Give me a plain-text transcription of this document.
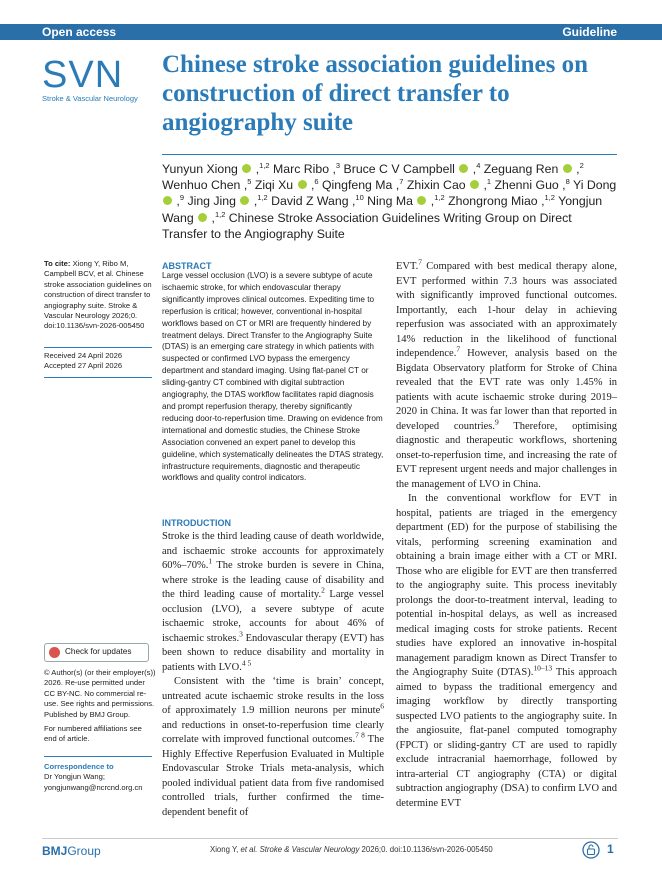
Open access	Guideline
SVN
Stroke & Vascular Neurology
Chinese stroke association guidelines on construction of direct transfer to angiography suite
Yunyun Xiong  ,$^{1,2}$ Marc Ribo ,$^3$ Bruce C V Campbell  ,$^4$ Zeguang Ren  ,$^2$ Wenhuo Chen ,$^5$ Ziqi Xu  ,$^6$ Qingfeng Ma ,$^7$ Zhixin Cao  ,$^1$ Zhenni Guo ,$^8$ Yi Dong  ,$^9$ Jing Jing  ,$^{1,2}$ David Z Wang ,$^{10}$ Ning Ma  ,$^{1,2}$ Zhongrong Miao ,$^{1,2}$ Yongjun Wang  ,$^{1,2}$ Chinese Stroke Association Guidelines Writing Group on Direct Transfer to the Angiography Suite
To cite: Xiong Y, Ribo M, Campbell BCV, et al. Chinese stroke association guidelines on construction of direct transfer to angiography suite. Stroke & Vascular Neurology 2026;0. doi:10.1136/svn-2026-005450
Received 24 April 2026
Accepted 27 April 2026
Check for updates
© Author(s) (or their employer(s)) 2026. Re-use permitted under CC BY-NC. No commercial re-use. See rights and permissions. Published by BMJ Group.
For numbered affiliations see end of article.
Correspondence to
Dr Yongjun Wang;
yongjunwang@ncrcnd.org.cn
ABSTRACT
Large vessel occlusion (LVO) is a severe subtype of acute ischaemic stroke, for which endovascular therapy significantly improves clinical outcomes. Expediting time to reperfusion is critical; however, conventional in-hospital workflows based on CT or MRI are frequently hindered by treatment delays. Direct Transfer to the Angiography Suite (DTAS) is an emerging care strategy in which patients with suspected or confirmed LVO bypass the emergency department and standard imaging. Using flat-panel CT or sliding-gantry CT combined with digital subtraction angiography, the DTAS workflow facilitates rapid diagnosis and prompt reperfusion therapy, thereby significantly reducing door-to-reperfusion time. Drawing on evidence from international and domestic studies, the Chinese Stroke Association convened an expert panel to develop this guideline, which systematically delineates the DTAS strategy, infrastructure requirements, diagnostic and therapeutic workflows and quality control indicators.
INTRODUCTION

Stroke is the third leading cause of death worldwide, and ischaemic stroke accounts for approximately 60%–70%.$^1$ The stroke burden is severe in China, where stroke is the leading cause of disability and the third leading cause of mortality.$^2$ Large vessel occlusion (LVO), a severe subtype of acute ischaemic stroke, accounts for about 46% of ischaemic strokes.$^3$ Endovascular therapy (EVT) has been shown to reduce disability and mortality in patients with LVO.$^{4 5}$

Consistent with the ‘time is brain’ concept, untreated acute ischaemic stroke results in the loss of approximately 1.9 million neurons per minute$^6$ and reductions in onset-to-reperfusion time clearly correlate with improved functional outcomes.$^{7 8}$ The Highly Effective Reperfusion Evaluated in Multiple Endovascular Stroke Trials meta-analysis, which pooled individual patient data from five randomised controlled trials, further confirmed the time-dependent benefit of

EVT.$^7$ Compared with best medical therapy alone, EVT performed within 7.3 hours was associated with significantly improved functional outcomes. Importantly, each 1-hour delay in achieving reperfusion was associated with an approximately 14% reduction in the likelihood of functional independence.$^7$ However, analysis based on the Bigdata Observatory platform for Stroke of China revealed that the EVT rate was only 1.45% in patients with acute ischaemic stroke during 2019–2020 in China. It was far lower than that reported in developed countries.$^9$ Therefore, optimising diagnostic and therapeutic workflows, shortening onset-to-reperfusion time, and increasing the rate of EVT represent urgent needs and major challenges in the management of LVO in China.

In the conventional workflow for EVT in hospital, patients are triaged in the emergency department (ED) for the purpose of stabilising the vitals, performing screening examination and obtaining a brain image either with a CT or MRI. Those who are eligible for EVT are then transferred to the angiography suite. This process inevitably prolongs the door-to-treatment interval, leading to potential in-hospital delays, as well as increased medical imaging costs for stroke patients. Recent studies have explored an innovative in-hospital management paradigm known as Direct Transfer to the Angiography Suite (DTAS).$^{10-13}$ This approach aimed to bypass the traditional emergency and imaging workflow by directly transporting suspected LVO patients to the angiography suite. In the angiosuite, flat-panel computed tomography (FPCT) or sliding-gantry CT are used to rapidly exclude intracranial haemorrhage, followed by intra-arterial CT angiography (CTA) or digital subtraction angiography (DSA) to confirm LVO and determine EVT

BMJGroup	Xiong Y, et al. Stroke & Vascular Neurology 2026;0. doi:10.1136/svn-2026-005450	1
